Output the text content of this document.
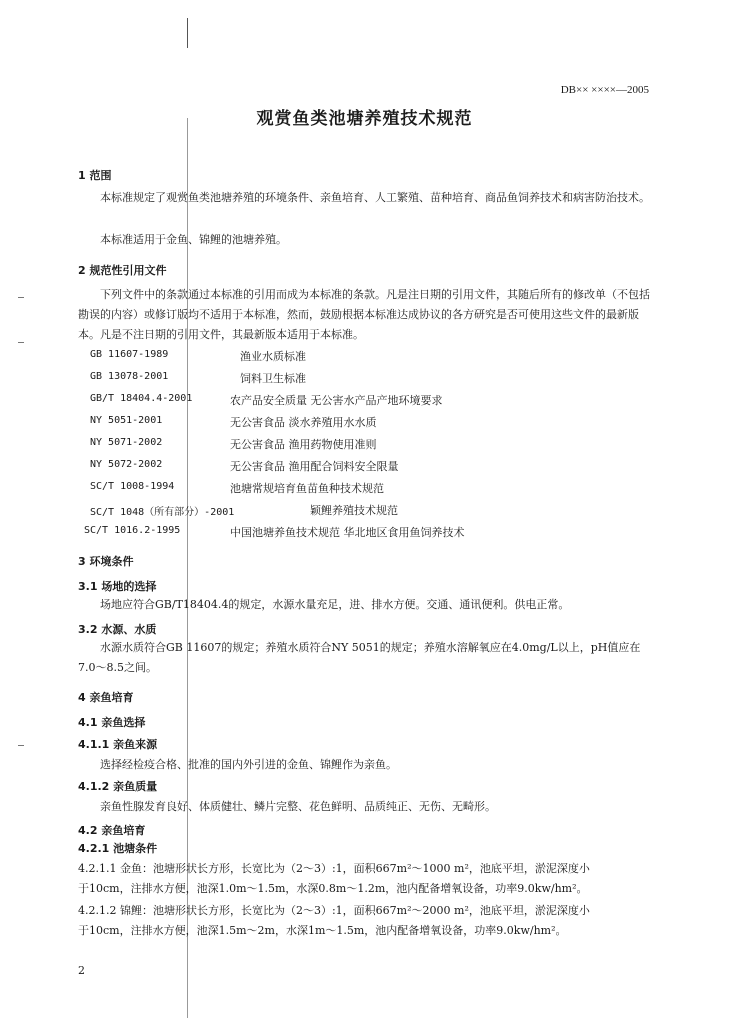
DB×× ××××—2005
观赏鱼类池塘养殖技术规范
1 范围
本标准规定了观赏鱼类池塘养殖的环境条件、亲鱼培育、人工繁殖、苗种培育、商品鱼饲养技术和病害防治技术。
本标准适用于金鱼、锦鲤的池塘养殖。
2 规范性引用文件
下列文件中的条款通过本标准的引用而成为本标准的条款。凡是注日期的引用文件，其随后所有的修改单（不包括勘误的内容）或修订版均不适用于本标准，然而，鼓励根据本标准达成协议的各方研究是否可使用这些文件的最新版本。凡是不注日期的引用文件，其最新版本适用于本标准。
GB 11607-1989	渔业水质标准
GB 13078-2001	饲料卫生标准
GB/T 18404.4-2001	农产品安全质量 无公害水产品产地环境要求
NY 5051-2001	无公害食品 淡水养殖用水水质
NY 5071-2002	无公害食品 渔用药物使用准则
NY 5072-2002	无公害食品 渔用配合饲料安全限量
SC/T 1008-1994	池塘常规培育鱼苗鱼种技术规范
SC/T 1048（所有部分）-2001	颖鲤养殖技术规范
SC/T 1016.2-1995	中国池塘养鱼技术规范 华北地区食用鱼饲养技术
3 环境条件
3.1 场地的选择
场地应符合GB/T18404.4的规定，水源水量充足，进、排水方便。交通、通讯便利。供电正常。
3.2 水源、水质
水源水质符合GB 11607的规定；养殖水质符合NY 5051的规定；养殖水溶解氧应在4.0mg/L以上，pH值应在7.0～8.5之间。
4 亲鱼培育
4.1 亲鱼选择
4.1.1 亲鱼来源
选择经检疫合格、批准的国内外引进的金鱼、锦鲤作为亲鱼。
4.1.2 亲鱼质量
亲鱼性腺发育良好、体质健壮、鳞片完整、花色鲜明、品质纯正、无伤、无畸形。
4.2 亲鱼培育
4.2.1 池塘条件
4.2.1.1 金鱼：池塘形状长方形，长宽比为（2～3）:1，面积667m²～1000 m²，池底平坦，淤泥深度小
于10cm，注排水方便，池深1.0m～1.5m，水深0.8m～1.2m，池内配备增氧设备，功率9.0kw/hm²。
4.2.1.2 锦鲤：池塘形状长方形，长宽比为（2～3）:1，面积667m²～2000 m²，池底平坦，淤泥深度小
于10cm，注排水方便，池深1.5m～2m，水深1m～1.5m，池内配备增氧设备，功率9.0kw/hm²。
2
